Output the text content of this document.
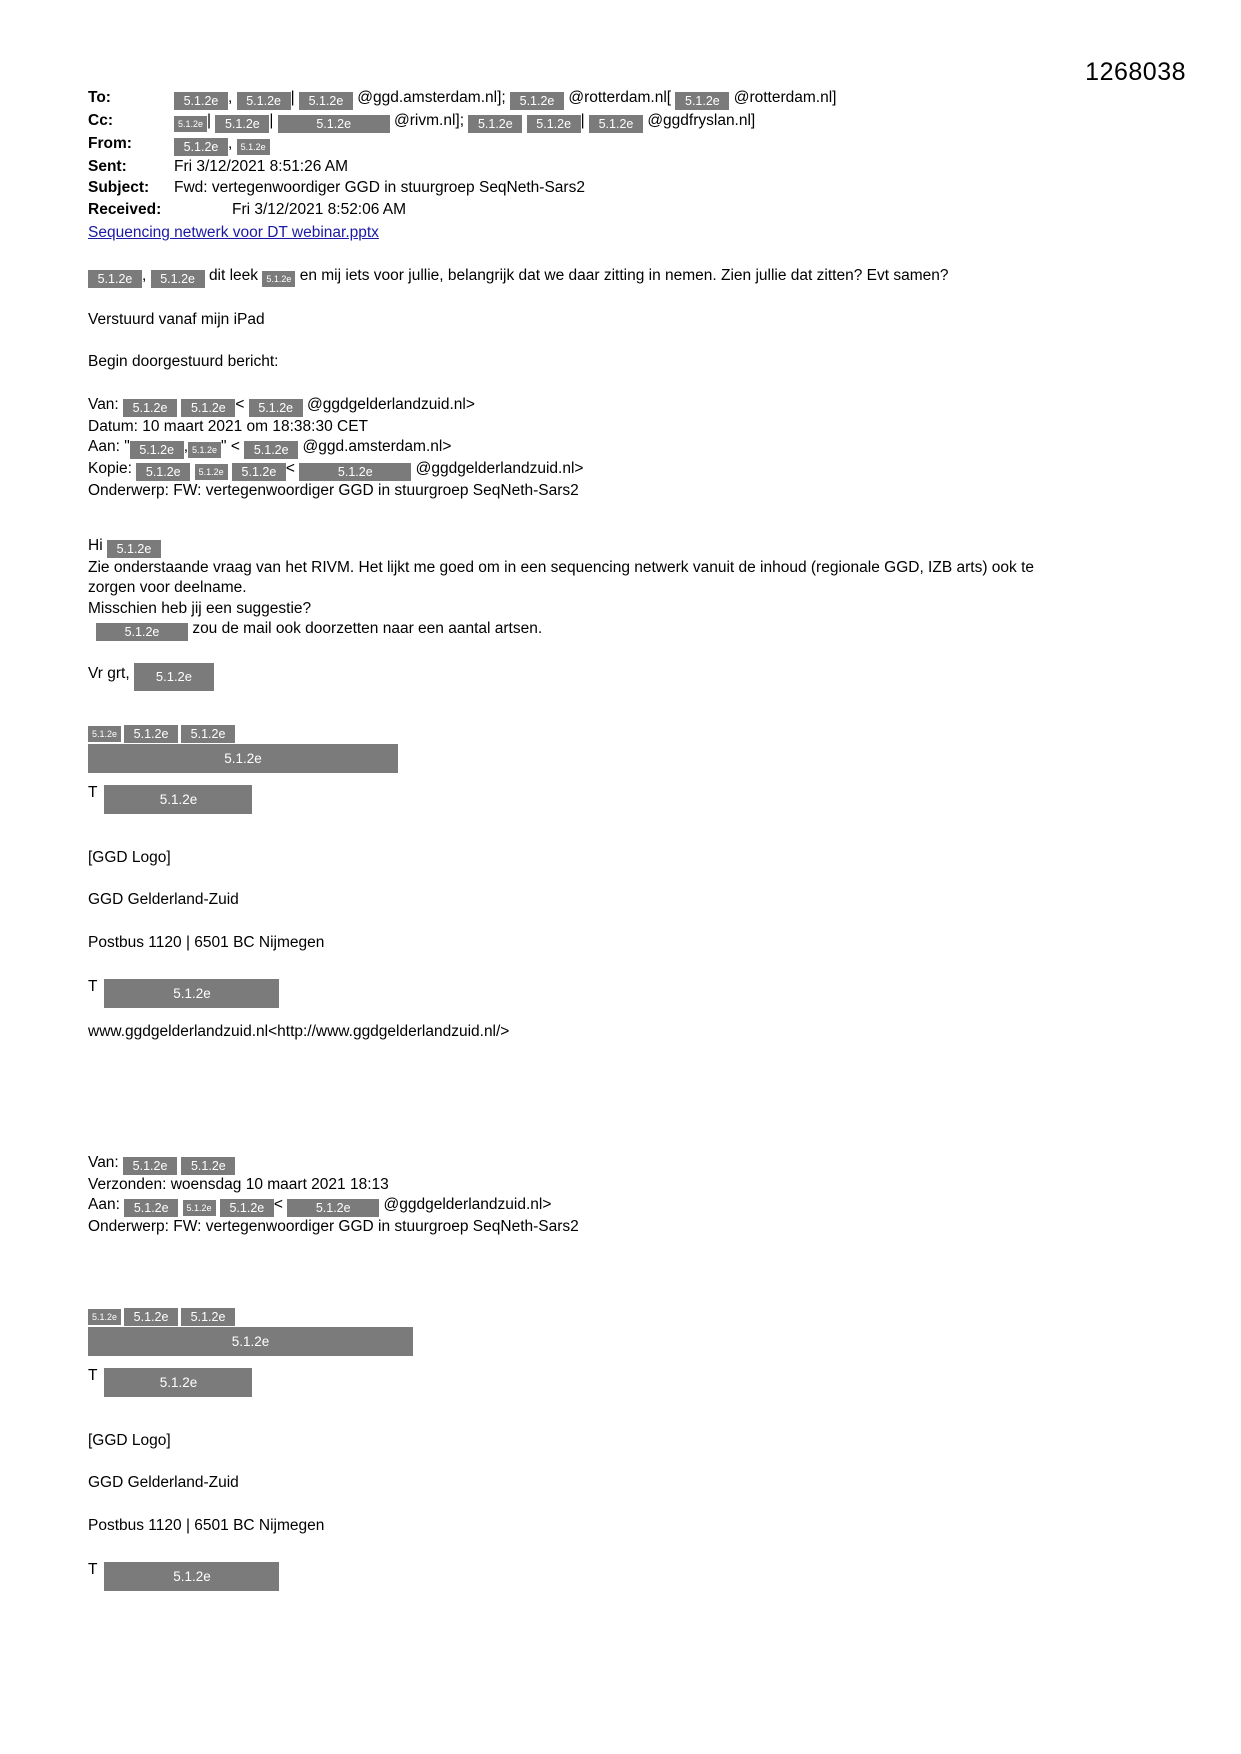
1268038
To:	5.1.2e , 5.1.2e | 5.1.2e @ggd.amsterdam.nl]; 5.1.2e @rotterdam.nl[ 5.1.2e @rotterdam.nl]
Cc:	5.1.2e | 5.1.2e | 5.1.2e @rivm.nl]; 5.1.2e 5.1.2e | 5.1.2e @ggdfryslan.nl]
From:	5.1.2e , 5.1.2e
Sent:	Fri 3/12/2021 8:51:26 AM
Subject:	Fwd: vertegenwoordiger GGD in stuurgroep SeqNeth-Sars2
Received:	Fri 3/12/2021 8:52:06 AM
Sequencing netwerk voor DT webinar.pptx

5.1.2e , 5.1.2e dit leek 5.1.2e en mij iets voor jullie, belangrijk dat we daar zitting in nemen. Zien jullie dat zitten? Evt samen?

Verstuurd vanaf mijn iPad

Begin doorgestuurd bericht:

Van: 5.1.2e 5.1.2e < 5.1.2e @ggdgelderlandzuid.nl>

Datum: 10 maart 2021 om 18:38:30 CET

Aan: " 5.1.2e , 5.1.2e " < 5.1.2e @ggd.amsterdam.nl>

Kopie: 5.1.2e 5.1.2e 5.1.2e <	5.1.2e	@ggdgelderlandzuid.nl>

Onderwerp: FW: vertegenwoordiger GGD in stuurgroep SeqNeth-Sars2

Hi 5.1.2e

Zie onderstaande vraag van het RIVM. Het lijkt me goed om in een sequencing netwerk vanuit de inhoud (regionale GGD, IZB arts) ook te

zorgen voor deelname.

Misschien heb jij een suggestie?

5.1.2e zou de mail ook doorzetten naar een aantal artsen.

Vr grt, 5.1.2e

5.1.2e 5.1.2e 5.1.2e
5.1.2e
T	5.1.2e

[GGD Logo]

GGD Gelderland-Zuid

Postbus 1120 | 6501 BC Nijmegen

T	5.1.2e

www.ggdgelderlandzuid.nl<http://www.ggdgelderlandzuid.nl/>

Van: 5.1.2e 5.1.2e

Verzonden: woensdag 10 maart 2021 18:13

Aan: 5.1.2e 5.1.2e 5.1.2e < 5.1.2e @ggdgelderlandzuid.nl>

Onderwerp: FW: vertegenwoordiger GGD in stuurgroep SeqNeth-Sars2

5.1.2e 5.1.2e 5.1.2e
5.1.2e
T	5.1.2e

[GGD Logo]

GGD Gelderland-Zuid

Postbus 1120 | 6501 BC Nijmegen

T	5.1.2e
